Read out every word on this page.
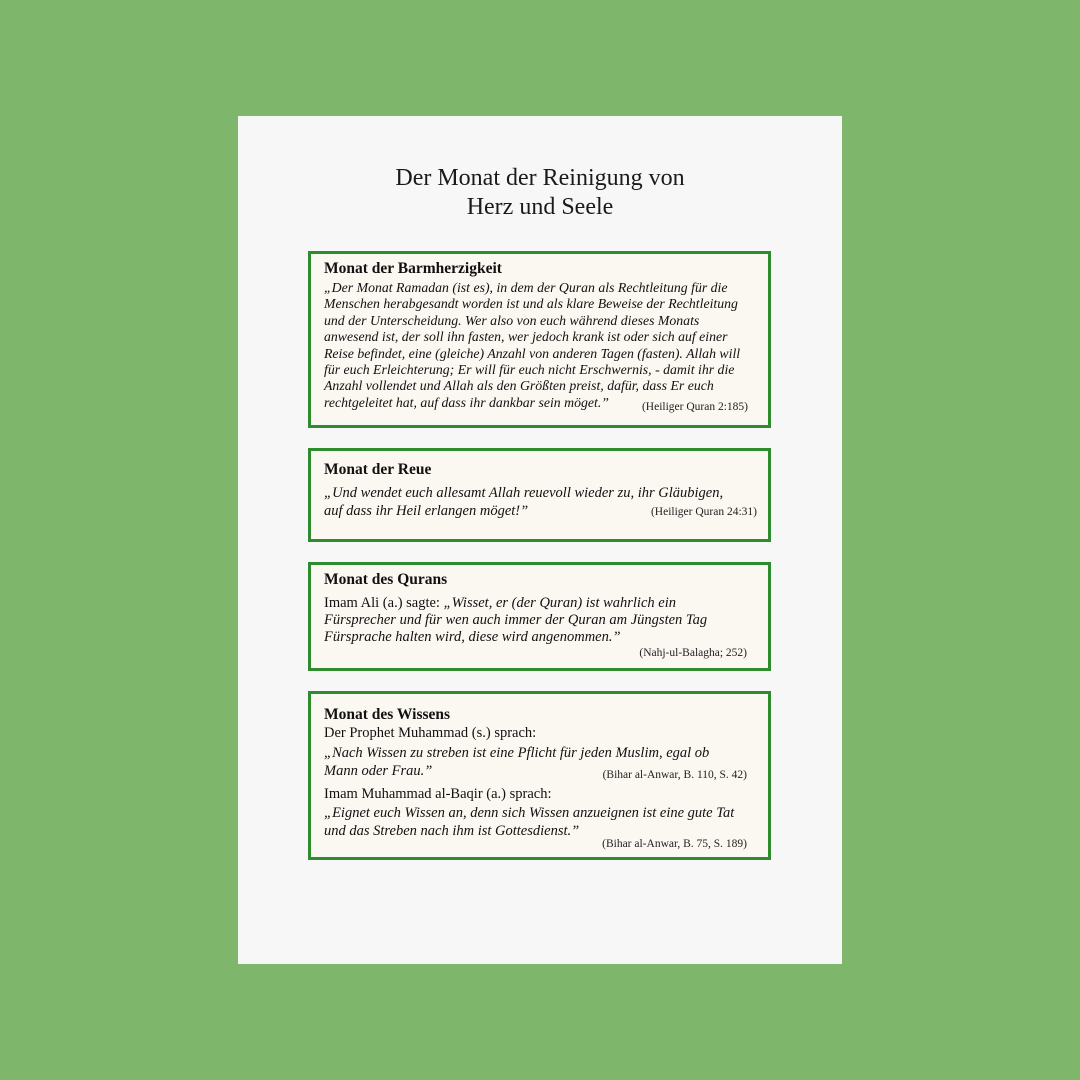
Der Monat der Reinigung von
Herz und Seele
Monat der Barmherzigkeit
„Der Monat Ramadan (ist es), in dem der Quran als Rechtleitung für die
Menschen herabgesandt worden ist und als klare Beweise der Rechtleitung
und der Unterscheidung. Wer also von euch während dieses Monats
anwesend ist, der soll ihn fasten, wer jedoch krank ist oder sich auf einer
Reise befindet, eine (gleiche) Anzahl von anderen Tagen (fasten). Allah will
für euch Erleichterung; Er will für euch nicht Erschwernis, - damit ihr die
Anzahl vollendet und Allah als den Größten preist, dafür, dass Er euch
rechtgeleitet hat, auf dass ihr dankbar sein möget.”	(Heiliger Quran 2:185)
Monat der Reue
„Und wendet euch allesamt Allah reuevoll wieder zu, ihr Gläubigen,
auf dass ihr Heil erlangen möget!”	(Heiliger Quran 24:31)
Monat des Qurans
Imam Ali (a.) sagte: „Wisset, er (der Quran) ist wahrlich ein
Fürsprecher und für wen auch immer der Quran am Jüngsten Tag
Fürsprache halten wird, diese wird angenommen.”
(Nahj-ul-Balagha; 252)
Monat des Wissens
Der Prophet Muhammad (s.) sprach:
„Nach Wissen zu streben ist eine Pflicht für jeden Muslim, egal ob
Mann oder Frau.”	(Bihar al-Anwar, B. 110, S. 42)
Imam Muhammad al-Baqir (a.) sprach:
„Eignet euch Wissen an, denn sich Wissen anzueignen ist eine gute Tat
und das Streben nach ihm ist Gottesdienst.”
(Bihar al-Anwar, B. 75, S. 189)
